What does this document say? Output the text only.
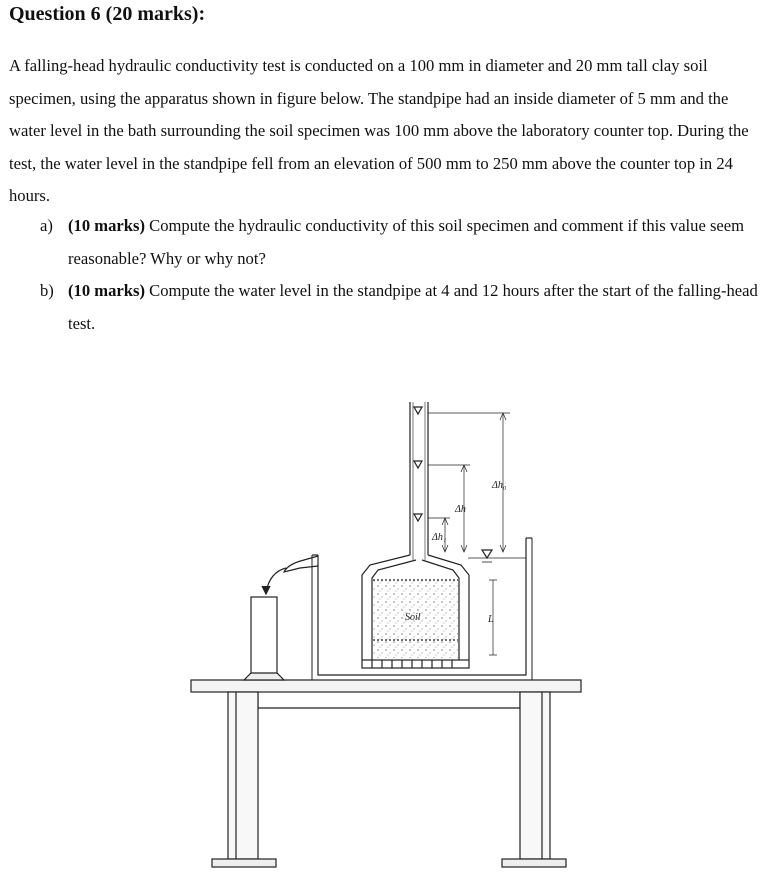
Question 6 (20 marks):
A falling-head hydraulic conductivity test is conducted on a 100 mm in diameter and 20 mm tall clay soil specimen, using the apparatus shown in figure below. The standpipe had an inside diameter of 5 mm and the water level in the bath surrounding the soil specimen was 100 mm above the laboratory counter top. During the test, the water level in the standpipe fell from an elevation of 500 mm to 250 mm above the counter top in 24 hours.
a) (10 marks) Compute the hydraulic conductivity of this soil specimen and comment if this value seem reasonable? Why or why not?
b) (10 marks) Compute the water level in the standpipe at 4 and 12 hours after the start of the falling-head test.
Δh₀
Δh
Δh₁
Soil	L
